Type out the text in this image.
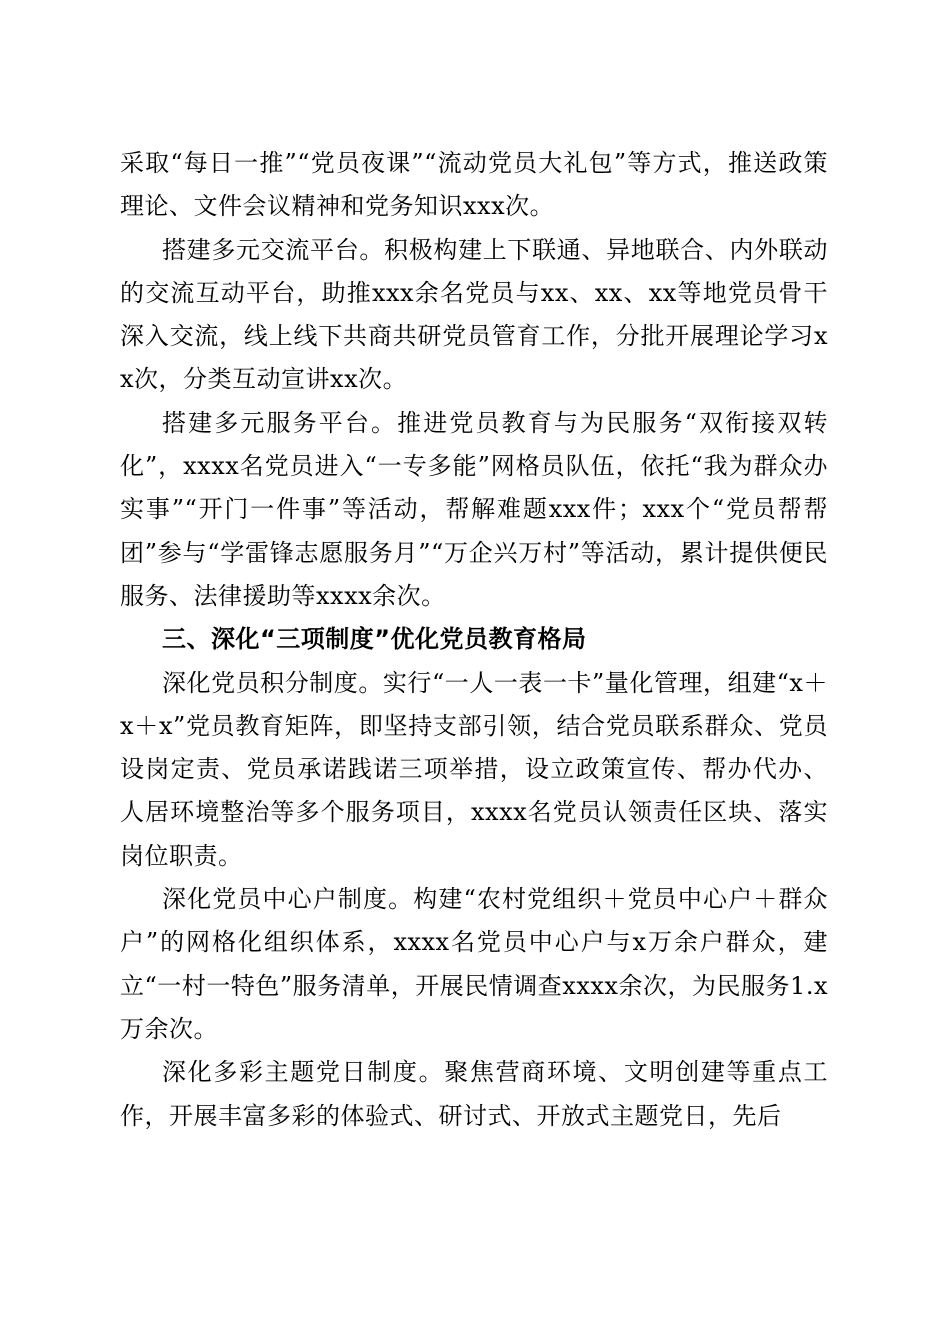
采取“每日一推”“党员夜课”“流动党员大礼包”等方式，推送政策理论、文件会议精神和党务知识xxx次。

搭建多元交流平台。积极构建上下联通、异地联合、内外联动的交流互动平台，助推xxx余名党员与xx、xx、xx等地党员骨干深入交流，线上线下共商共研党员管育工作，分批开展理论学习xx次，分类互动宣讲xx次。

搭建多元服务平台。推进党员教育与为民服务“双衔接双转化”，xxxx名党员进入“一专多能”网格员队伍，依托“我为群众办实事”“开门一件事”等活动，帮解难题xxx件；xxx个“党员帮帮团”参与“学雷锋志愿服务月”“万企兴万村”等活动，累计提供便民服务、法律援助等xxxx余次。

三、深化“三项制度”优化党员教育格局

深化党员积分制度。实行“一人一表一卡”量化管理，组建“x＋x＋x”党员教育矩阵，即坚持支部引领，结合党员联系群众、党员设岗定责、党员承诺践诺三项举措，设立政策宣传、帮办代办、人居环境整治等多个服务项目，xxxx名党员认领责任区块、落实岗位职责。

深化党员中心户制度。构建“农村党组织＋党员中心户＋群众户”的网格化组织体系，xxxx名党员中心户与x万余户群众，建立“一村一特色”服务清单，开展民情调查xxxx余次，为民服务1.x万余次。

深化多彩主题党日制度。聚焦营商环境、文明创建等重点工作，开展丰富多彩的体验式、研讨式、开放式主题党日，先后
